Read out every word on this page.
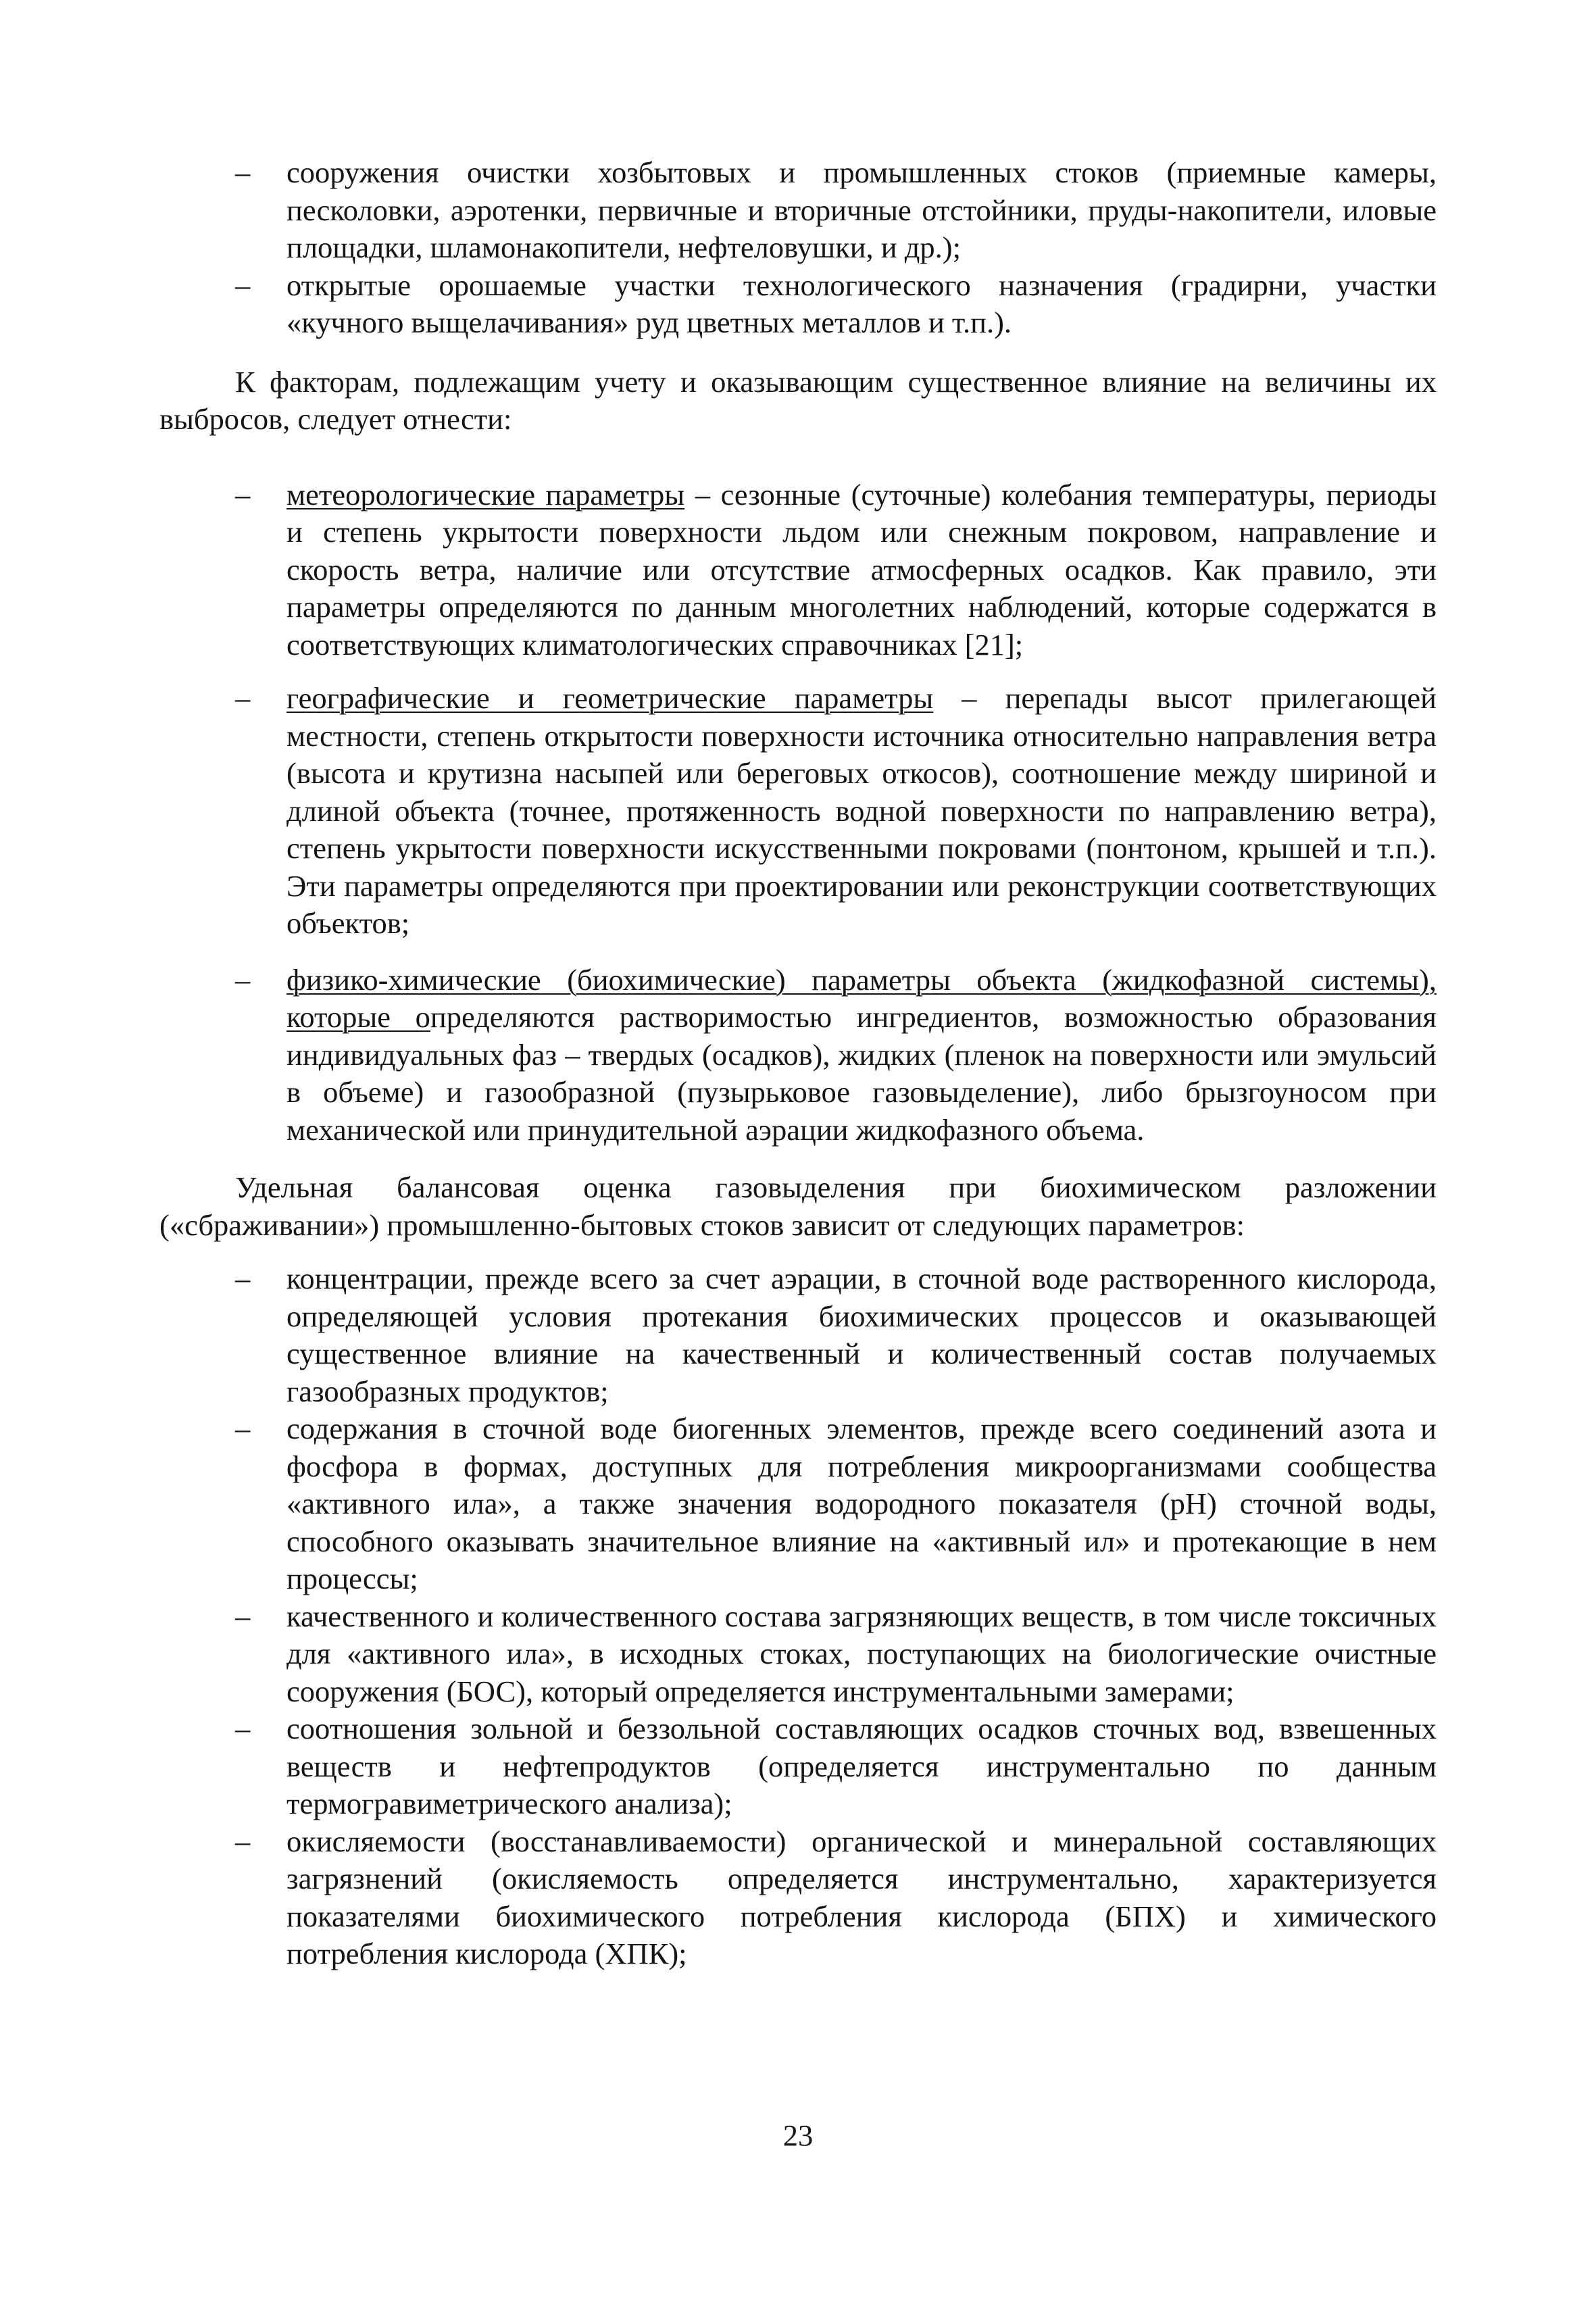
– сооружения очистки хозбытовых и промышленных стоков (приемные камеры, песколовки, аэротенки, первичные и вторичные отстойники, пруды-накопители, иловые площадки, шламонакопители, нефтеловушки, и др.);
– открытые орошаемые участки технологического назначения (градирни, участки «кучного выщелачивания» руд цветных металлов и т.п.).

К факторам, подлежащим учету и оказывающим существенное влияние на величины их выбросов, следует отнести:

– метеорологические параметры – сезонные (суточные) колебания температуры, периоды и степень укрытости поверхности льдом или снежным покровом, направление и скорость ветра, наличие или отсутствие атмосферных осадков. Как правило, эти параметры определяются по данным многолетних наблюдений, которые содержатся в соответствующих климатологических справочниках [21];
– географические и геометрические параметры – перепады высот прилегающей местности, степень открытости поверхности источника относительно направления ветра (высота и крутизна насыпей или береговых откосов), соотношение между шириной и длиной объекта (точнее, протяженность водной поверхности по направлению ветра), степень укрытости поверхности искусственными покровами (понтоном, крышей и т.п.). Эти параметры определяются при проектировании или реконструкции соответствующих объектов;
– физико-химические (биохимические) параметры объекта (жидкофазной системы), которые определяются растворимостью ингредиентов, возможностью образования индивидуальных фаз – твердых (осадков), жидких (пленок на поверхности или эмульсий в объеме) и газообразной (пузырьковое газовыделение), либо брызгоуносом при механической или принудительной аэрации жидкофазного объема.

Удельная балансовая оценка газовыделения при биохимическом разложении («сбраживании») промышленно-бытовых стоков зависит от следующих параметров:

– концентрации, прежде всего за счет аэрации, в сточной воде растворенного кислорода, определяющей условия протекания биохимических процессов и оказывающей существенное влияние на качественный и количественный состав получаемых газообразных продуктов;
– содержания в сточной воде биогенных элементов, прежде всего соединений азота и фосфора в формах, доступных для потребления микроорганизмами сообщества «активного ила», а также значения водородного показателя (рН) сточной воды, способного оказывать значительное влияние на «активный ил» и протекающие в нем процессы;
– качественного и количественного состава загрязняющих веществ, в том числе токсичных для «активного ила», в исходных стоках, поступающих на биологические очистные сооружения (БОС), который определяется инструментальными замерами;
– соотношения зольной и беззольной составляющих осадков сточных вод, взвешенных веществ и нефтепродуктов (определяется инструментально по данным термогравиметрического анализа);
– окисляемости (восстанавливаемости) органической и минеральной составляющих загрязнений (окисляемость определяется инструментально, характеризуется показателями биохимического потребления кислорода (БПХ) и химического потребления кислорода (ХПК);
23
